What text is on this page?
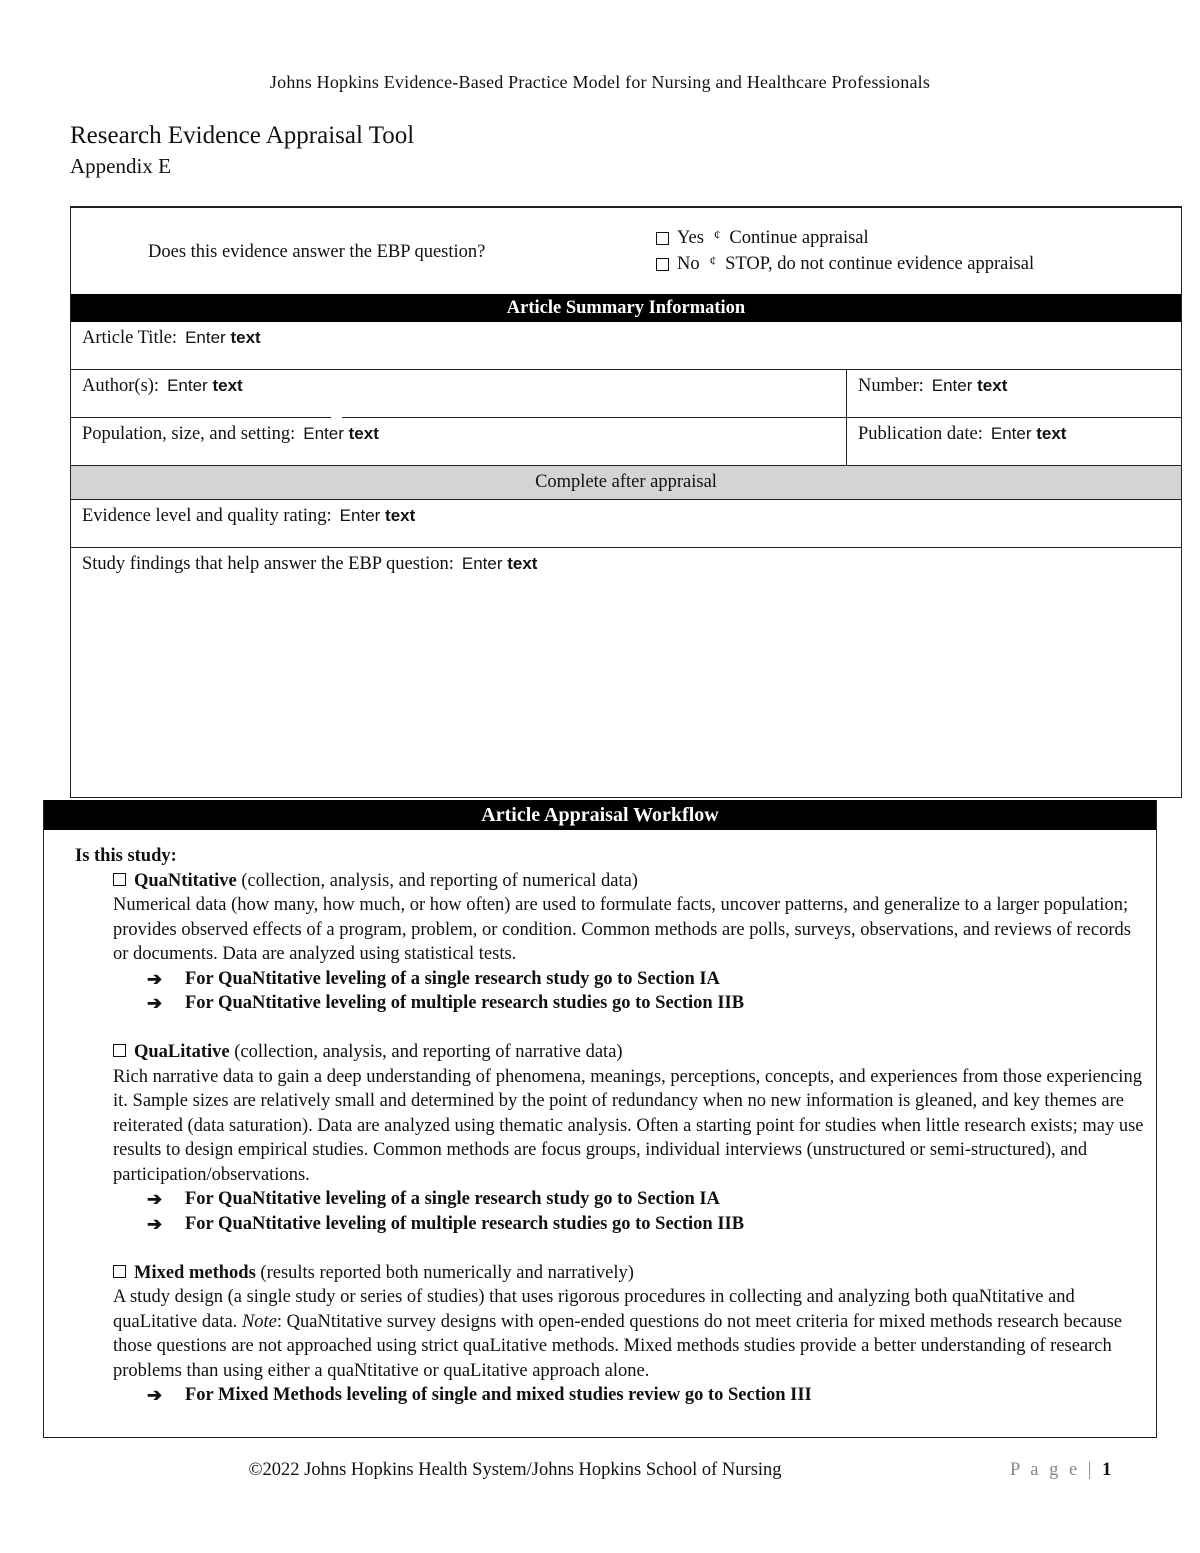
Johns Hopkins Evidence-Based Practice Model for Nursing and Healthcare Professionals
Research Evidence Appraisal Tool
Appendix E
Does this evidence answer the EBP question?
Yes ¢ Continue appraisal
No ¢ STOP, do not continue evidence appraisal
Article Summary Information
Article Title: Enter text
Author(s): Enter text	Number: Enter text
Population, size, and setting: Enter text	Publication date: Enter text
Complete after appraisal
Evidence level and quality rating: Enter text
Study findings that help answer the EBP question: Enter text
Article Appraisal Workflow
Is this study:
QuaNtitative (collection, analysis, and reporting of numerical data)

Numerical data (how many, how much, or how often) are used to formulate facts, uncover patterns, and generalize to a larger population; provides observed effects of a program, problem, or condition. Common methods are polls, surveys, observations, and reviews of records or documents. Data are analyzed using statistical tests.

➔	For QuaNtitative leveling of a single research study go to Section IA
➔	For QuaNtitative leveling of multiple research studies go to Section IIB
QuaLitative (collection, analysis, and reporting of narrative data)

Rich narrative data to gain a deep understanding of phenomena, meanings, perceptions, concepts, and experiences from those experiencing it. Sample sizes are relatively small and determined by the point of redundancy when no new information is gleaned, and key themes are reiterated (data saturation). Data are analyzed using thematic analysis. Often a starting point for studies when little research exists; may use results to design empirical studies. Common methods are focus groups, individual interviews (unstructured or semi-structured), and participation/observations.

➔	For QuaNtitative leveling of a single research study go to Section IA
➔	For QuaNtitative leveling of multiple research studies go to Section IIB
Mixed methods (results reported both numerically and narratively)

A study design (a single study or series of studies) that uses rigorous procedures in collecting and analyzing both quaNtitative and quaLitative data. Note: QuaNtitative survey designs with open-ended questions do not meet criteria for mixed methods research because those questions are not approached using strict quaLitative methods. Mixed methods studies provide a better understanding of research problems than using either a quaNtitative or quaLitative approach alone.

➔	For Mixed Methods leveling of single and mixed studies review go to Section III
©2022 Johns Hopkins Health System/Johns Hopkins School of Nursing	P a g e | 1
